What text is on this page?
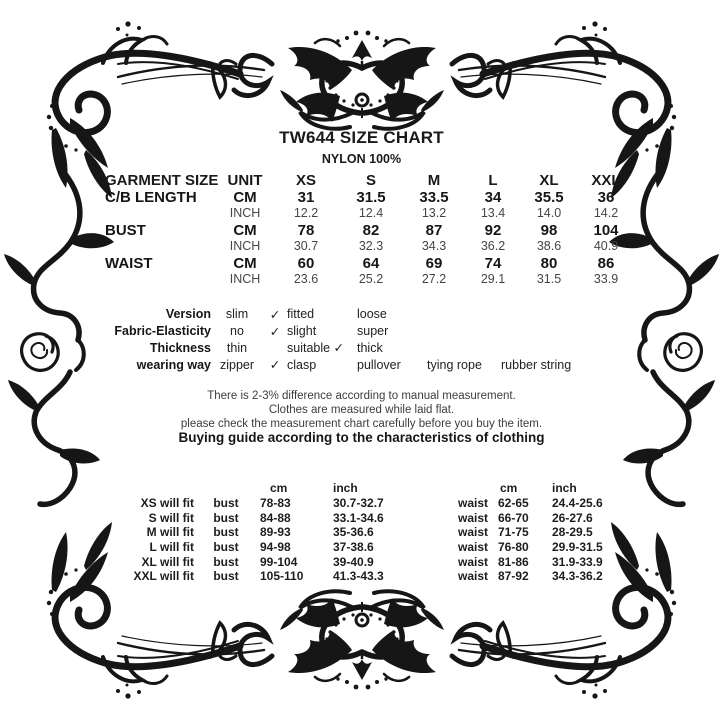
TW644 SIZE CHART
NYLON 100%
GARMENT SIZE UNIT	XS	S	M	L	XL	XXL
C/B LENGTH	CM	31	31.5	33.5	34	35.5	36
INCH	12.2	12.4	13.2	13.4	14.0	14.2
BUST	CM	78	82	87	92	98	104
INCH	30.7	32.3	34.3	36.2	38.6	40.9
WAIST	CM	60	64	69	74	80	86
INCH	23.6	25.2	27.2	29.1	31.5	33.9
Version	slim	✓ fitted	loose
Fabric-Elasticity	no	✓ slight	super
Thickness	thin	suitable ✓	thick
wearing way zipper	✓ clasp	pullover	tying rope	rubber string
There is 2-3% difference according to manual measurement.
Clothes are measured while laid flat.
please check the measurement chart carefully before you buy the item.
Buying guide according to the characteristics of clothing
cm	inch
XS will fit	bust	78-83	30.7-32.7
S will fit	bust	84-88	33.1-34.6
M will fit	bust	89-93	35-36.6
L will fit	bust	94-98	37-38.6
XL will fit	bust	99-104	39-40.9
XXL will fit	bust	105-110	41.3-43.3
cm	inch
waist 62-65	24.4-25.6
waist 66-70	26-27.6
waist 71-75	28-29.5
waist 76-80	29.9-31.5
waist 81-86	31.9-33.9
waist 87-92	34.3-36.2
